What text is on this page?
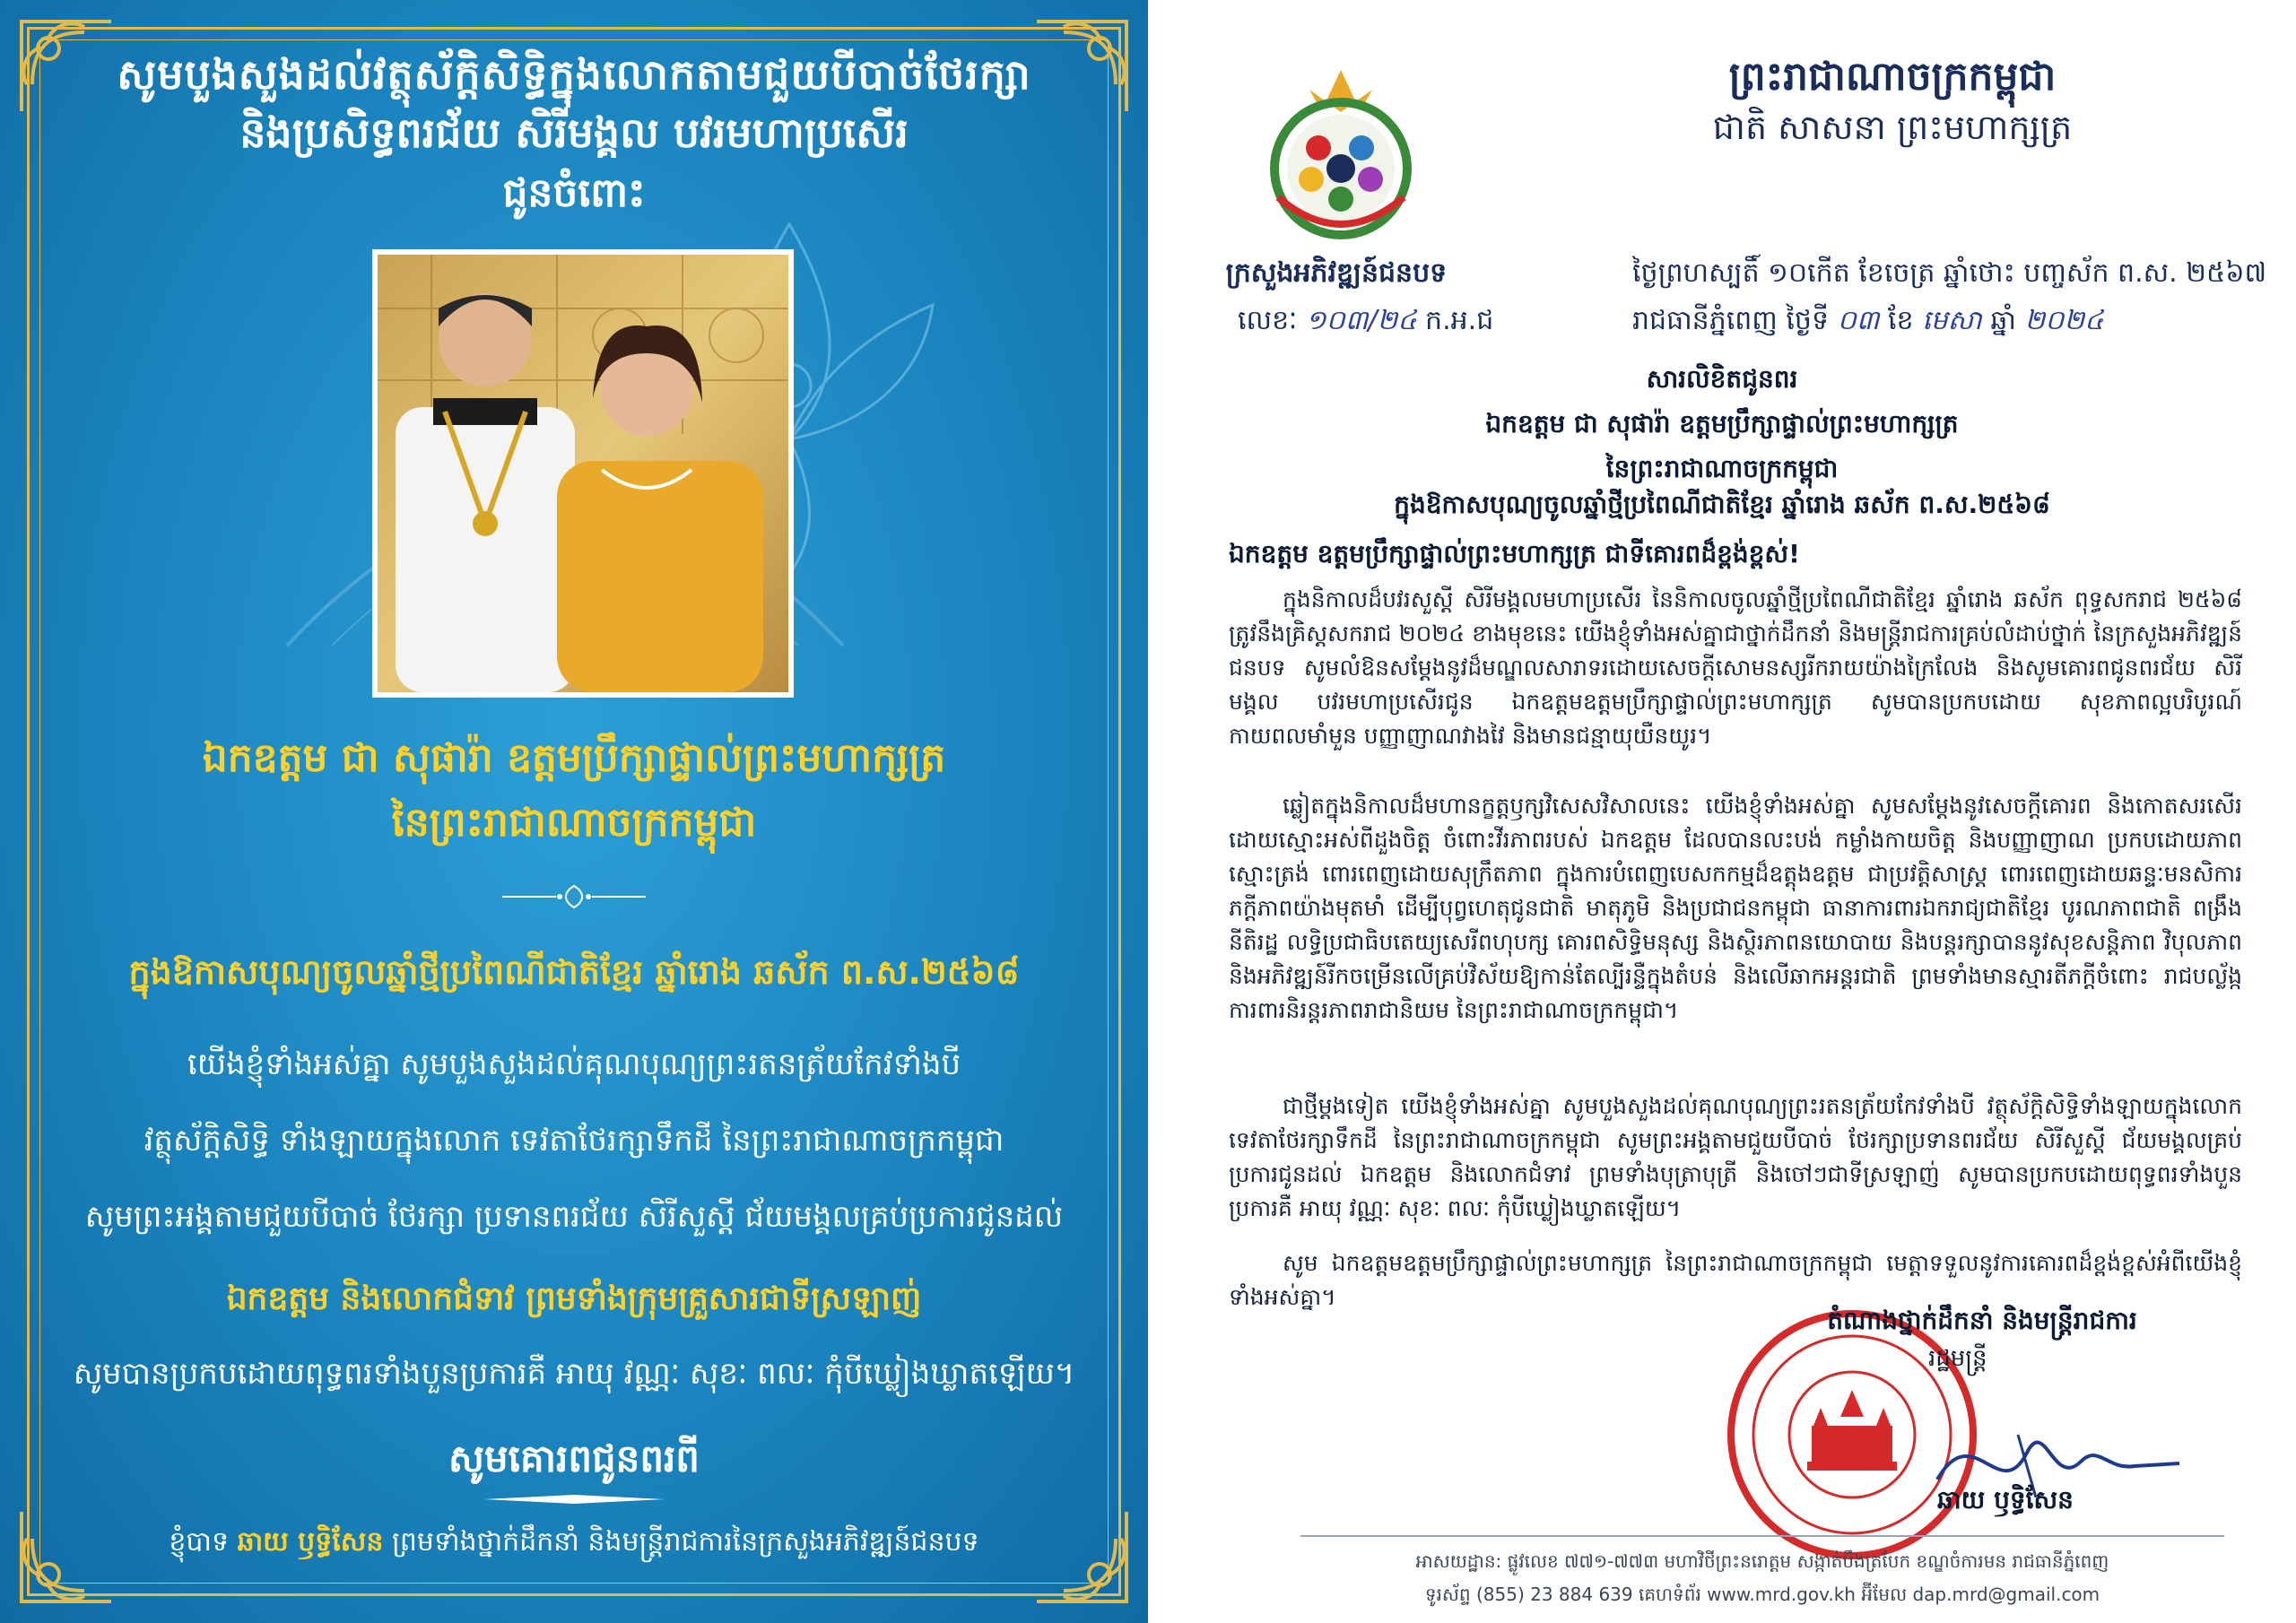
សូមបួងសួងដល់វត្ថុស័ក្តិសិទ្ធិក្នុងលោកតាមជួយបីបាច់ថែរក្សា
និងប្រសិទ្ធពរជ័យ សិរីមង្គល បវរមហាប្រសើរ
ជូនចំពោះ
ឯកឧត្តម ជា សុផារ៉ា ឧត្តមប្រឹក្សាផ្ទាល់ព្រះមហាក្សត្រ
នៃព្រះរាជាណាចក្រកម្ពុជា
ក្នុងឱកាសបុណ្យចូលឆ្នាំថ្មីប្រពៃណីជាតិខ្មែរ ឆ្នាំរោង ឆស័ក ព.ស.២៥៦៨
យើងខ្ញុំទាំងអស់គ្នា សូមបួងសួងដល់គុណបុណ្យព្រះរតនត្រ័យកែវទាំងបី
វត្ថុស័ក្តិសិទ្ធិ ទាំងឡាយក្នុងលោក ទេវតាថែរក្សាទឹកដី នៃព្រះរាជាណាចក្រកម្ពុជា
សូមព្រះអង្គតាមជួយបីបាច់ ថែរក្សា ប្រទានពរជ័យ សិរីសួស្តី ជ័យមង្គលគ្រប់ប្រការជូនដល់
ឯកឧត្តម និងលោកជំទាវ ព្រមទាំងក្រុមគ្រួសារជាទីស្រឡាញ់
សូមបានប្រកបដោយពុទ្ធពរទាំងបួនប្រការគឺ អាយុ វណ្ណៈ សុខៈ ពលៈ កុំបីឃ្លៀងឃ្លាតឡើយ។
សូមគោរពជូនពរពី
ខ្ញុំបាទ ឆាយ ឫទ្ធិសែន ព្រមទាំងថ្នាក់ដឹកនាំ និងមន្ត្រីរាជការនៃក្រសួងអភិវឌ្ឍន៍ជនបទ
ព្រះរាជាណាចក្រកម្ពុជា
ជាតិ សាសនា ព្រះមហាក្សត្រ
ក្រសួងអភិវឌ្ឍន៍ជនបទ
លេខៈ ១០៣/២៤ ក.អ.ជ
ថ្ងៃព្រហស្បតិ៍ ១០កើត ខែចេត្រ ឆ្នាំថោះ បញ្ចស័ក ព.ស. ២៥៦៧
រាជធានីភ្នំពេញ ថ្ងៃទី ០៣ ខែ មេសា ឆ្នាំ ២០២៤
សារលិខិតជូនពរ
ឯកឧត្តម ជា សុផារ៉ា ឧត្តមប្រឹក្សាផ្ទាល់ព្រះមហាក្សត្រ
នៃព្រះរាជាណាចក្រកម្ពុជា
ក្នុងឱកាសបុណ្យចូលឆ្នាំថ្មីប្រពៃណីជាតិខ្មែរ ឆ្នាំរោង ឆស័ក ព.ស.២៥៦៨
ឯកឧត្តម ឧត្តមប្រឹក្សាផ្ទាល់ព្រះមហាក្សត្រ ជាទីគោរពដ៏ខ្ពង់ខ្ពស់!
ក្នុងនិកាលដ៏បវរសួស្តី សិរីមង្គលមហាប្រសើរ នៃនិកាលចូលឆ្នាំថ្មីប្រពៃណីជាតិខ្មែរ ឆ្នាំរោង ឆស័ក ពុទ្ធសករាជ ២៥៦៨ ត្រូវនឹងគ្រិស្តសករាជ ២០២៤ ខាងមុខនេះ យើងខ្ញុំទាំងអស់គ្នាជាថ្នាក់ដឹកនាំ និងមន្ត្រីរាជការគ្រប់លំដាប់ថ្នាក់ នៃក្រសួងអភិវឌ្ឍន៍ជនបទ សូមលំឱនសម្តែងនូវដ៏មណ្ឌលសារាទរដោយសេចក្តីសោមនស្សរីករាយយ៉ាងក្រៃលែង និងសូមគោរពជូនពរជ័យ សិរីមង្គល បវរមហាប្រសើរជូន ឯកឧត្តមឧត្តមប្រឹក្សាផ្ទាល់ព្រះមហាក្សត្រ សូមបានប្រកបដោយ សុខភាពល្អបរិបូរណ៍ កាយពលមាំមួន បញ្ញាញាណវាងវៃ និងមានជន្មាយុយឺនយូរ។
ឆ្លៀតក្នុងនិកាលដ៏មហានក្ខត្តឫក្សវិសេសវិសាលនេះ យើងខ្ញុំទាំងអស់គ្នា សូមសម្តែងនូវសេចក្តីគោរព និងកោតសរសើរដោយស្មោះអស់ពីដួងចិត្ត ចំពោះវីរភាពរបស់ ឯកឧត្តម ដែលបានលះបង់ កម្លាំងកាយចិត្ត និងបញ្ញាញាណ ប្រកបដោយភាពស្មោះត្រង់ ពោរពេញដោយសុក្រឹតភាព ក្នុងការបំពេញបេសកកម្មដ៏ឧត្តុងឧត្តម ជាប្រវត្តិសាស្ត្រ ពោរពេញដោយឆន្ទៈមនសិការ ភក្តីភាពយ៉ាងមុតមាំ ដើម្បីបុព្វហេតុជូនជាតិ មាតុភូមិ និងប្រជាជនកម្ពុជា ធានាការពារឯករាជ្យជាតិខ្មែរ បូរណភាពជាតិ ពង្រឹងនីតិរដ្ឋ លទ្ធិប្រជាធិបតេយ្យសេរីពហុបក្ស គោរពសិទ្ធិមនុស្ស និងស្ថិរភាពនយោបាយ និងបន្តរក្សាបាននូវសុខសន្តិភាព វិបុលភាព និងអភិវឌ្ឍន៍រីកចម្រើនលើគ្រប់វិស័យឱ្យកាន់តែល្បីរន្ទឺក្នុងតំបន់ និងលើឆាកអន្តរជាតិ ព្រមទាំងមានស្មារតីភក្តីចំពោះ រាជបល្ល័ង្ក ការពារនិរន្តរភាពរាជានិយម នៃព្រះរាជាណាចក្រកម្ពុជា។
ជាថ្មីម្តងទៀត យើងខ្ញុំទាំងអស់គ្នា សូមបួងសួងដល់គុណបុណ្យព្រះរតនត្រ័យកែវទាំងបី វត្ថុស័ក្តិសិទ្ធិទាំងឡាយក្នុងលោក ទេវតាថែរក្សាទឹកដី នៃព្រះរាជាណាចក្រកម្ពុជា សូមព្រះអង្គតាមជួយបីបាច់ ថែរក្សាប្រទានពរជ័យ សិរីសួស្តី ជ័យមង្គលគ្រប់ប្រការជូនដល់ ឯកឧត្តម និងលោកជំទាវ ព្រមទាំងបុត្រាបុត្រី និងចៅៗជាទីស្រឡាញ់ សូមបានប្រកបដោយពុទ្ធពរទាំងបួនប្រការគឺ អាយុ វណ្ណៈ សុខៈ ពលៈ កុំបីឃ្លៀងឃ្លាតឡើយ។
សូម ឯកឧត្តមឧត្តមប្រឹក្សាផ្ទាល់ព្រះមហាក្សត្រ នៃព្រះរាជាណាចក្រកម្ពុជា មេត្តាទទួលនូវការគោរពដ៏ខ្ពង់ខ្ពស់អំពីយើងខ្ញុំទាំងអស់គ្នា។
តំណាងថ្នាក់ដឹកនាំ និងមន្ត្រីរាជការ
រដ្ឋមន្ត្រី
ឆាយ ឫទ្ធិសែន
អាសយដ្ឋាន: ផ្លូវលេខ ៧៧១-៧៧៣ មហាវិថីព្រះនរោត្តម សង្កាត់បឹងត្របែក ខណ្ឌចំការមន រាជធានីភ្នំពេញ
ទូរស័ព្ទ (855) 23 884 639 គេហទំព័រ www.mrd.gov.kh អ៊ីមែល dap.mrd@gmail.com
